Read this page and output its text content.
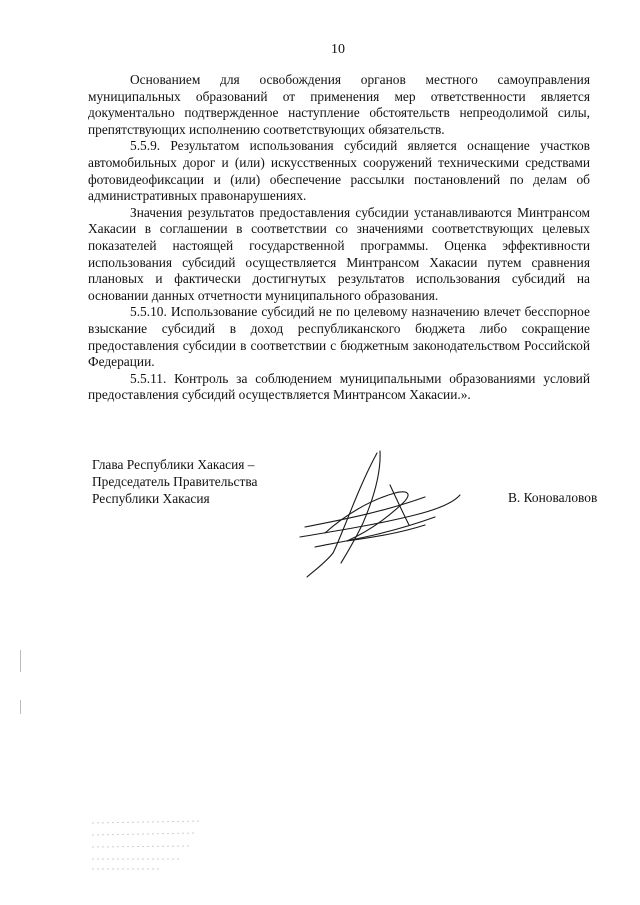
10

Основанием для освобождения органов местного самоуправления муниципальных образований от применения мер ответственности является документально подтвержденное наступление обстоятельств непреодолимой силы, препятствующих исполнению соответствующих обязательств.

5.5.9. Результатом использования субсидий является оснащение участков автомобильных дорог и (или) искусственных сооружений техническими средствами фотовидеофиксации и (или) обеспечение рассылки постановлений по делам об административных правонарушениях.

Значения результатов предоставления субсидии устанавливаются Минтрансом Хакасии в соглашении в соответствии со значениями соответствующих целевых показателей настоящей государственной программы. Оценка эффективности использования субсидий осуществляется Минтрансом Хакасии путем сравнения плановых и фактически достигнутых результатов использования субсидий на основании данных отчетности муниципального образования.

5.5.10. Использование субсидий не по целевому назначению влечет бесспорное взыскание субсидий в доход республиканского бюджета либо сокращение предоставления субсидии в соответствии с бюджетным законодательством Российской Федерации.

5.5.11. Контроль за соблюдением муниципальными образованиями условий предоставления субсидий осуществляется Минтрансом Хакасии.».

Глава Республики Хакасия –
Председатель Правительства
Республики Хакасия	В. Коноваловов
